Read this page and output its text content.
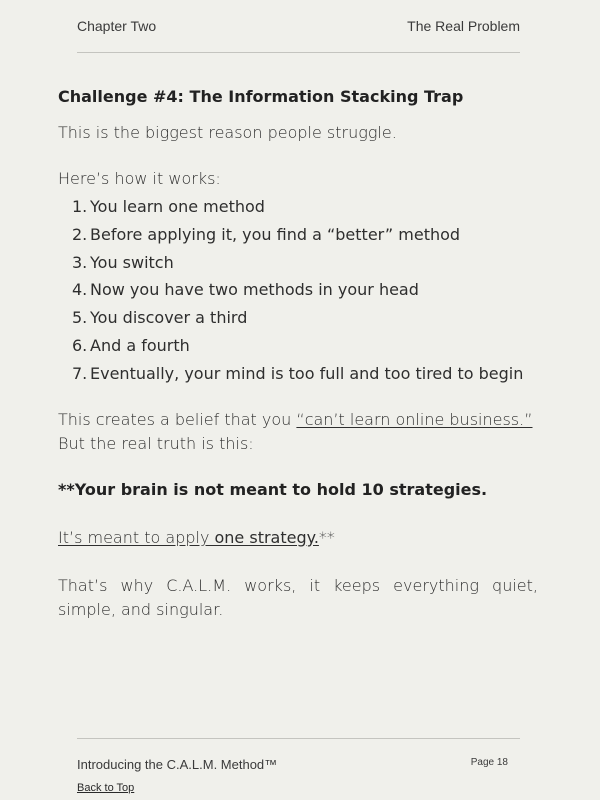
Chapter Two	The Real Problem
Challenge #4: The Information Stacking Trap

This is the biggest reason people struggle.

Here’s how it works:

1. You learn one method
2. Before applying it, you find a “better” method
3. You switch
4. Now you have two methods in your head
5. You discover a third
6. And a fourth
7. Eventually, your mind is too full and too tired to begin

This creates a belief that you “can’t learn online business.”
But the real truth is this:

**Your brain is not meant to hold 10 strategies.

It’s meant to apply one strategy.**

That’s why C.A.L.M. works, it keeps everything quiet, simple, and singular.

Introducing the C.A.L.M. Method™	Page 18
Back to Top
